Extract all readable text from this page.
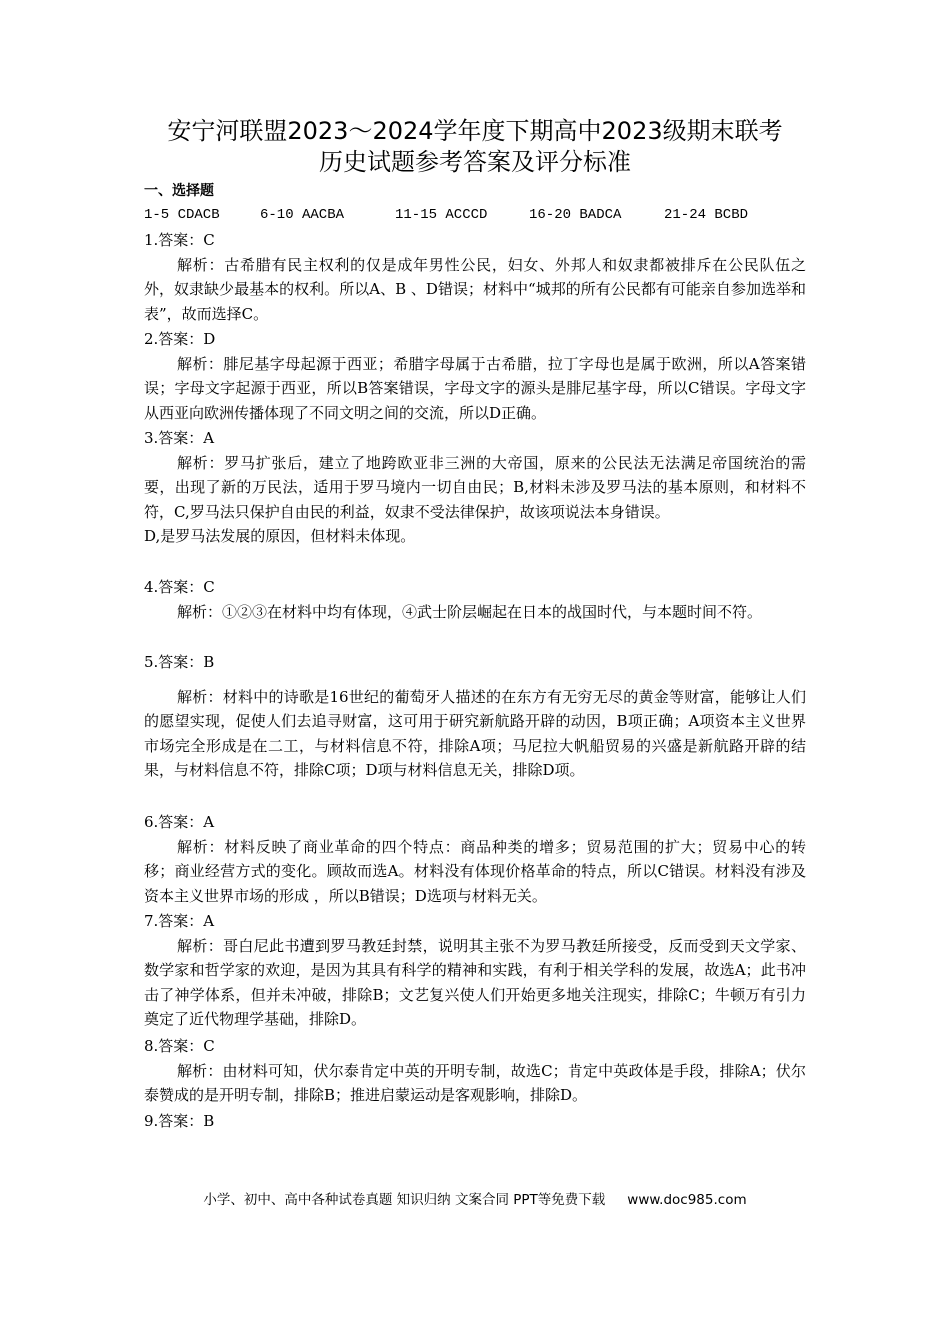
安宁河联盟2023～2024学年度下期高中2023级期末联考
历史试题参考答案及评分标准
一、选择题
1-5 CDACB	6-10 AACBA	11-15 ACCCD	16-20 BADCA	21-24 BCBD
1.答案：C
解析：古希腊有民主权利的仅是成年男性公民，妇女、外邦人和奴隶都被排斥在公民队伍之外，奴隶缺少最基本的权利。所以A、B 、D错误；材料中“城邦的所有公民都有可能亲自参加选举和表”，故而选择C。
2.答案：D
解析：腓尼基字母起源于西亚；希腊字母属于古希腊，拉丁字母也是属于欧洲，所以A答案错误；字母文字起源于西亚，所以B答案错误，字母文字的源头是腓尼基字母，所以C错误。字母文字从西亚向欧洲传播体现了不同文明之间的交流，所以D正确。
3.答案：A
解析：罗马扩张后，建立了地跨欧亚非三洲的大帝国，原来的公民法无法满足帝国统治的需要，出现了新的万民法，适用于罗马境内一切自由民；B,材料未涉及罗马法的基本原则，和材料不符，C,罗马法只保护自由民的利益，奴隶不受法律保护，故该项说法本身错误。
D,是罗马法发展的原因，但材料未体现。
4.答案：C
解析：①②③在材料中均有体现，④武士阶层崛起在日本的战国时代，与本题时间不符。
5.答案：B
解析：材料中的诗歌是16世纪的葡萄牙人描述的在东方有无穷无尽的黄金等财富，能够让人们的愿望实现，促使人们去追寻财富，这可用于研究新航路开辟的动因，B项正确；A项资本主义世界市场完全形成是在二工，与材料信息不符，排除A项；马尼拉大帆船贸易的兴盛是新航路开辟的结果，与材料信息不符，排除C项；D项与材料信息无关，排除D项。
6.答案：A
解析：材料反映了商业革命的四个特点：商品种类的增多；贸易范围的扩大；贸易中心的转移；商业经营方式的变化。顾故而选A。材料没有体现价格革命的特点，所以C错误。材料没有涉及资本主义世界市场的形成 ，所以B错误；D选项与材料无关。
7.答案：A
解析：哥白尼此书遭到罗马教廷封禁，说明其主张不为罗马教廷所接受，反而受到天文学家、数学家和哲学家的欢迎，是因为其具有科学的精神和实践，有利于相关学科的发展，故选A；此书冲击了神学体系，但并未冲破，排除B；文艺复兴使人们开始更多地关注现实，排除C；牛顿万有引力奠定了近代物理学基础，排除D。
8.答案：C
解析：由材料可知，伏尔泰肯定中英的开明专制，故选C；肯定中英政体是手段，排除A；伏尔泰赞成的是开明专制，排除B；推进启蒙运动是客观影响，排除D。
9.答案：B
小学、初中、高中各种试卷真题 知识归纳 文案合同 PPT等免费下载 www.doc985.com
